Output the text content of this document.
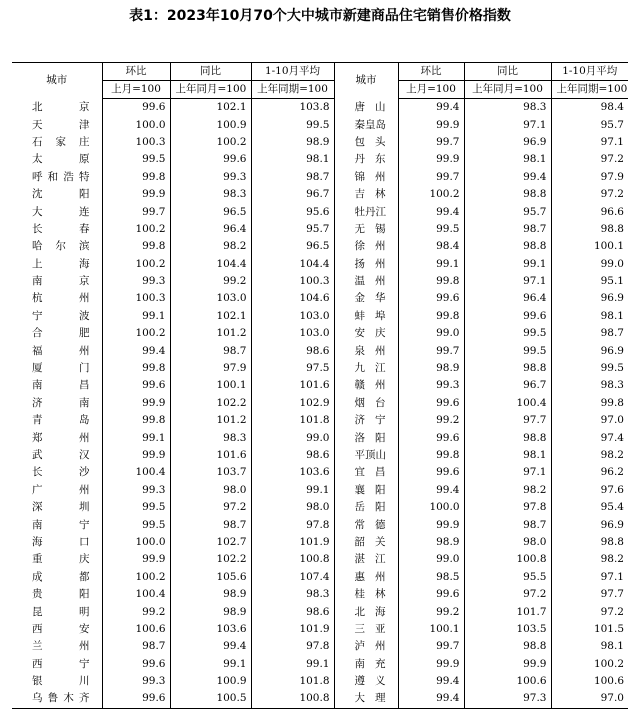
表1：2023年10月70个大中城市新建商品住宅销售价格指数
城市	环比	同比	1-10月平均	城市	环比	同比	1-10月平均
	上月=100	上年同月=100	上年同期=100		上月=100	上年同月=100	上年同期=100
北京	99.6	102.1	103.8	唐山	99.4	98.3	98.4
天津	100.0	100.9	99.5	秦皇岛	99.9	97.1	95.7
石家庄	100.3	100.2	98.9	包头	99.7	96.9	97.1
太原	99.5	99.6	98.1	丹东	99.9	98.1	97.2
呼和浩特	99.8	99.3	98.7	锦州	99.7	99.4	97.9
沈阳	99.9	98.3	96.7	吉林	100.2	98.8	97.2
大连	99.7	96.5	95.6	牡丹江	99.4	95.7	96.6
长春	100.2	96.4	95.7	无锡	99.5	98.7	98.8
哈尔滨	99.8	98.2	96.5	徐州	98.4	98.8	100.1
上海	100.2	104.4	104.4	扬州	99.1	99.1	99.0
南京	99.3	99.2	100.3	温州	99.8	97.1	95.1
杭州	100.3	103.0	104.6	金华	99.6	96.4	96.9
宁波	99.1	102.1	103.0	蚌埠	99.8	99.6	98.1
合肥	100.2	101.2	103.0	安庆	99.0	99.5	98.7
福州	99.4	98.7	98.6	泉州	99.7	99.5	96.9
厦门	99.8	97.9	97.5	九江	98.9	98.8	99.5
南昌	99.6	100.1	101.6	赣州	99.3	96.7	98.3
济南	99.9	102.2	102.9	烟台	99.6	100.4	99.8
青岛	99.8	101.2	101.8	济宁	99.2	97.7	97.0
郑州	99.1	98.3	99.0	洛阳	99.6	98.8	97.4
武汉	99.9	101.6	98.6	平顶山	99.8	98.1	98.2
长沙	100.4	103.7	103.6	宜昌	99.6	97.1	96.2
广州	99.3	98.0	99.1	襄阳	99.4	98.2	97.6
深圳	99.5	97.2	98.0	岳阳	100.0	97.8	95.4
南宁	99.5	98.7	97.8	常德	99.9	98.7	96.9
海口	100.0	102.7	101.9	韶关	98.9	98.0	98.8
重庆	99.9	102.2	100.8	湛江	99.0	100.8	98.2
成都	100.2	105.6	107.4	惠州	98.5	95.5	97.1
贵阳	100.4	98.9	98.3	桂林	99.6	97.2	97.7
昆明	99.2	98.9	98.6	北海	99.2	101.7	97.2
西安	100.6	103.6	101.9	三亚	100.1	103.5	101.5
兰州	98.7	99.4	97.8	泸州	99.7	98.8	98.1
西宁	99.6	99.1	99.1	南充	99.9	99.9	100.2
银川	99.3	100.9	101.8	遵义	99.4	100.6	100.6
乌鲁木齐	99.6	100.5	100.8	大理	99.4	97.3	97.0
